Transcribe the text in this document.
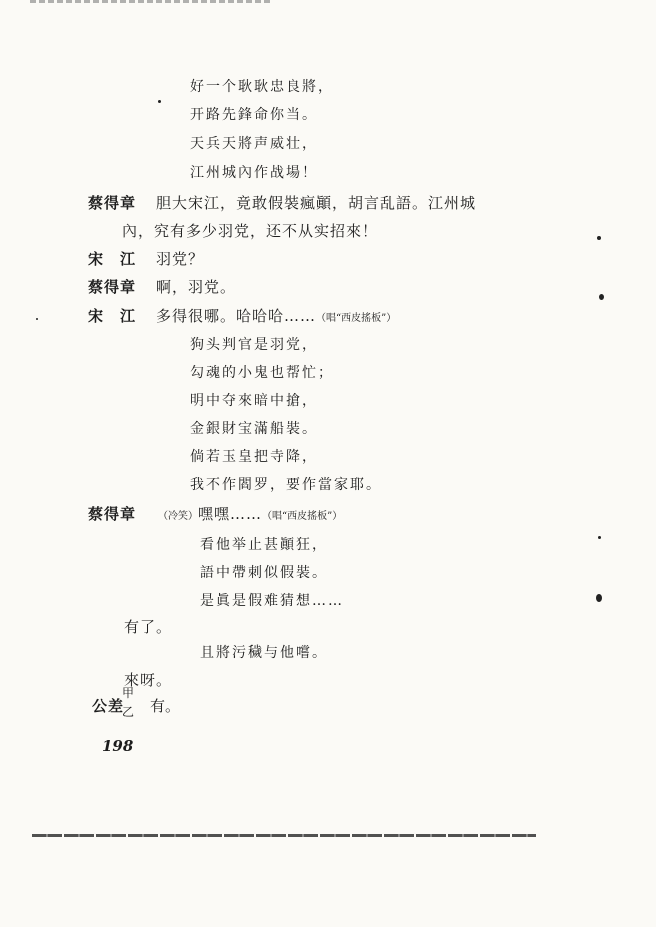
好一个耿耿忠良將，
开路先鋒命你当。
天兵天將声威壮，
江州城內作战場！
蔡得章 胆大宋江，竟敢假裝瘋顚，胡言乱語。江州城
內，究有多少羽党，还不从实招來！
宋　江 羽党？
蔡得章 啊，羽党。
宋　江 多得很哪。哈哈哈……（唱“西皮搖板”）
狗头判官是羽党，
勾魂的小鬼也帮忙；
明中夺來暗中搶，
金銀財宝滿船裝。
倘若玉皇把寺降，
我不作閻罗，要作當家耶。
蔡得章 （冷笑）嘿嘿……（唱“西皮搖板”）
看他举止甚顚狂，
語中帶刺似假裝。
是眞是假难猜想……
有了。
且將污穢与他嚐。
來呀。
公差
甲
乙 有。
198
